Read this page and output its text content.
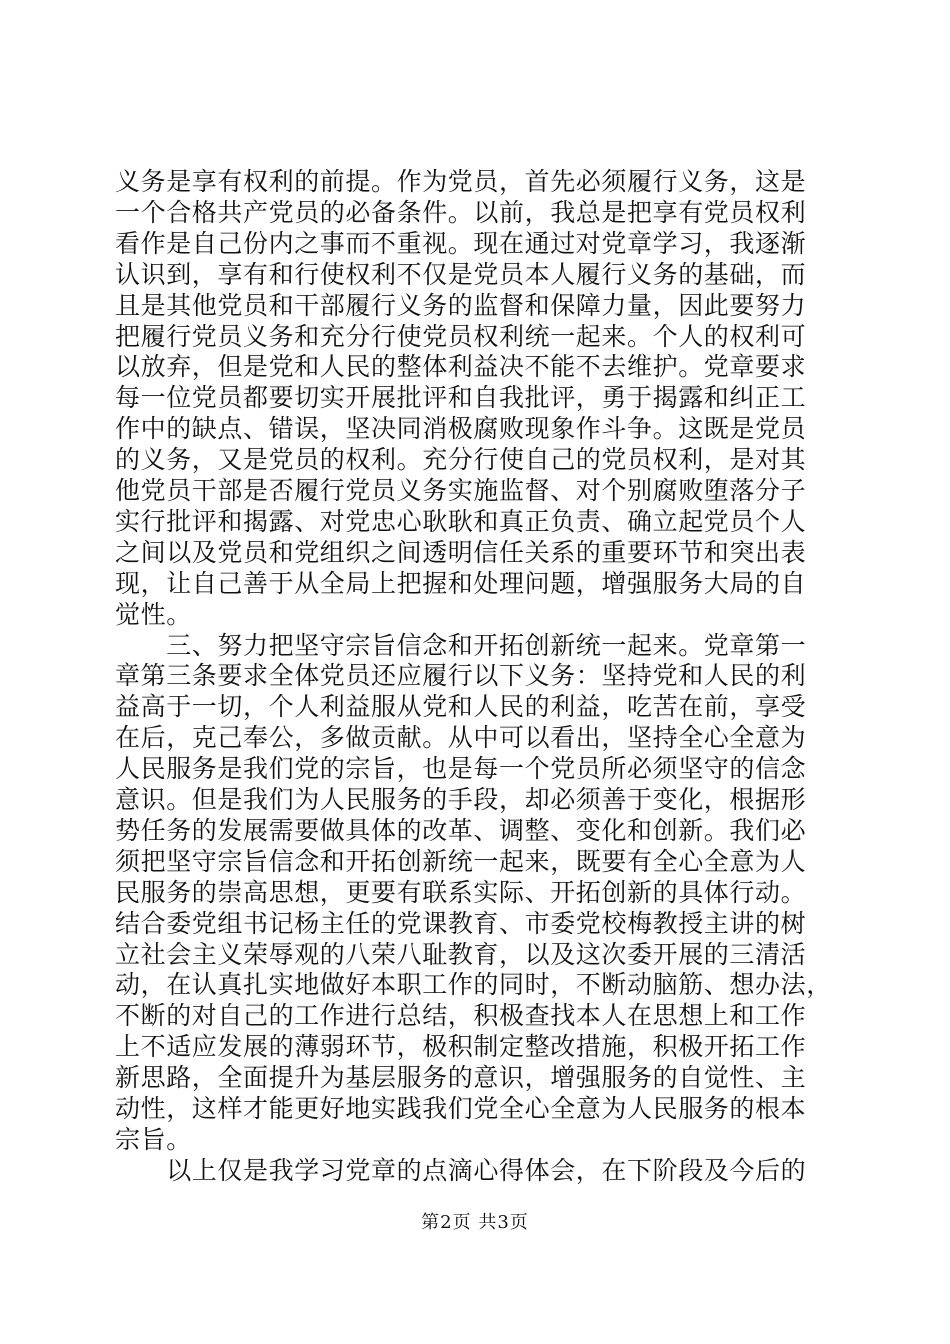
义务是享有权利的前提。作为党员，首先必须履行义务，这是
一个合格共产党员的必备条件。以前，我总是把享有党员权利
看作是自己份内之事而不重视。现在通过对党章学习，我逐渐
认识到，享有和行使权利不仅是党员本人履行义务的基础，而
且是其他党员和干部履行义务的监督和保障力量，因此要努力
把履行党员义务和充分行使党员权利统一起来。个人的权利可
以放弃，但是党和人民的整体利益决不能不去维护。党章要求
每一位党员都要切实开展批评和自我批评，勇于揭露和纠正工
作中的缺点、错误，坚决同消极腐败现象作斗争。这既是党员
的义务，又是党员的权利。充分行使自己的党员权利，是对其
他党员干部是否履行党员义务实施监督、对个别腐败堕落分子
实行批评和揭露、对党忠心耿耿和真正负责、确立起党员个人
之间以及党员和党组织之间透明信任关系的重要环节和突出表
现，让自己善于从全局上把握和处理问题，增强服务大局的自
觉性。
　　三、努力把坚守宗旨信念和开拓创新统一起来。党章第一
章第三条要求全体党员还应履行以下义务：坚持党和人民的利
益高于一切，个人利益服从党和人民的利益，吃苦在前，享受
在后，克己奉公，多做贡献。从中可以看出，坚持全心全意为
人民服务是我们党的宗旨，也是每一个党员所必须坚守的信念
意识。但是我们为人民服务的手段，却必须善于变化，根据形
势任务的发展需要做具体的改革、调整、变化和创新。我们必
须把坚守宗旨信念和开拓创新统一起来，既要有全心全意为人
民服务的崇高思想，更要有联系实际、开拓创新的具体行动。
结合委党组书记杨主任的党课教育、市委党校梅教授主讲的树
立社会主义荣辱观的八荣八耻教育，以及这次委开展的三清活
动，在认真扎实地做好本职工作的同时，不断动脑筋、想办法，
不断的对自己的工作进行总结，积极查找本人在思想上和工作
上不适应发展的薄弱环节，极积制定整改措施，积极开拓工作
新思路，全面提升为基层服务的意识，增强服务的自觉性、主
动性，这样才能更好地实践我们党全心全意为人民服务的根本
宗旨。
　　以上仅是我学习党章的点滴心得体会，在下阶段及今后的
第2页 共3页
